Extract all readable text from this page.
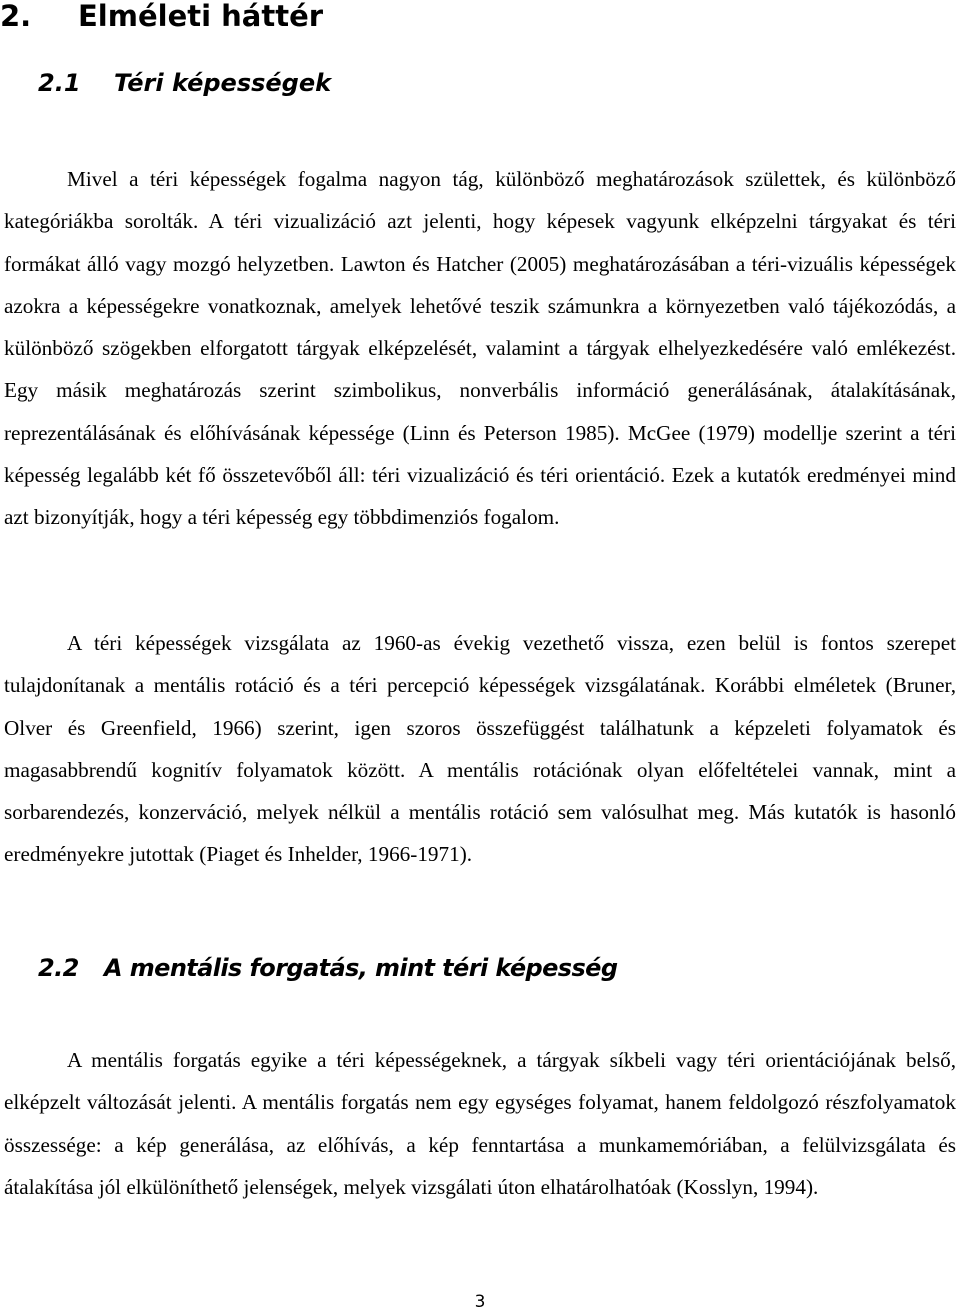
2. Elméleti háttér
2.1 Téri képességek

Mivel a téri képességek fogalma nagyon tág, különböző meghatározások születtek, és különböző kategóriákba sorolták. A téri vizualizáció azt jelenti, hogy képesek vagyunk elképzelni tárgyakat és téri formákat álló vagy mozgó helyzetben. Lawton és Hatcher (2005) meghatározásában a téri-vizuális képességek azokra a képességekre vonatkoznak, amelyek lehetővé teszik számunkra a környezetben való tájékozódás, a különböző szögekben elforgatott tárgyak elképzelését, valamint a tárgyak elhelyezkedésére való emlékezést. Egy másik meghatározás szerint szimbolikus, nonverbális információ generálásának, átalakításának, reprezentálásának és előhívásának képessége (Linn és Peterson 1985). McGee (1979) modellje szerint a téri képesség legalább két fő összetevőből áll: téri vizualizáció és téri orientáció. Ezek a kutatók eredményei mind azt bizonyítják, hogy a téri képesség egy többdimenziós fogalom.

A téri képességek vizsgálata az 1960-as évekig vezethető vissza, ezen belül is fontos szerepet tulajdonítanak a mentális rotáció és a téri percepció képességek vizsgálatának. Korábbi elméletek (Bruner, Olver és Greenfield, 1966) szerint, igen szoros összefüggést találhatunk a képzeleti folyamatok és magasabbrendű kognitív folyamatok között. A mentális rotációnak olyan előfeltételei vannak, mint a sorbarendezés, konzerváció, melyek nélkül a mentális rotáció sem valósulhat meg. Más kutatók is hasonló eredményekre jutottak (Piaget és Inhelder, 1966-1971).

2.2 A mentális forgatás, mint téri képesség

A mentális forgatás egyike a téri képességeknek, a tárgyak síkbeli vagy téri orientációjának belső, elképzelt változását jelenti. A mentális forgatás nem egy egységes folyamat, hanem feldolgozó részfolyamatok összessége: a kép generálása, az előhívás, a kép fenntartása a munkamemóriában, a felülvizsgálata és átalakítása jól elkülöníthető jelenségek, melyek vizsgálati úton elhatárolhatóak (Kosslyn, 1994).

3
